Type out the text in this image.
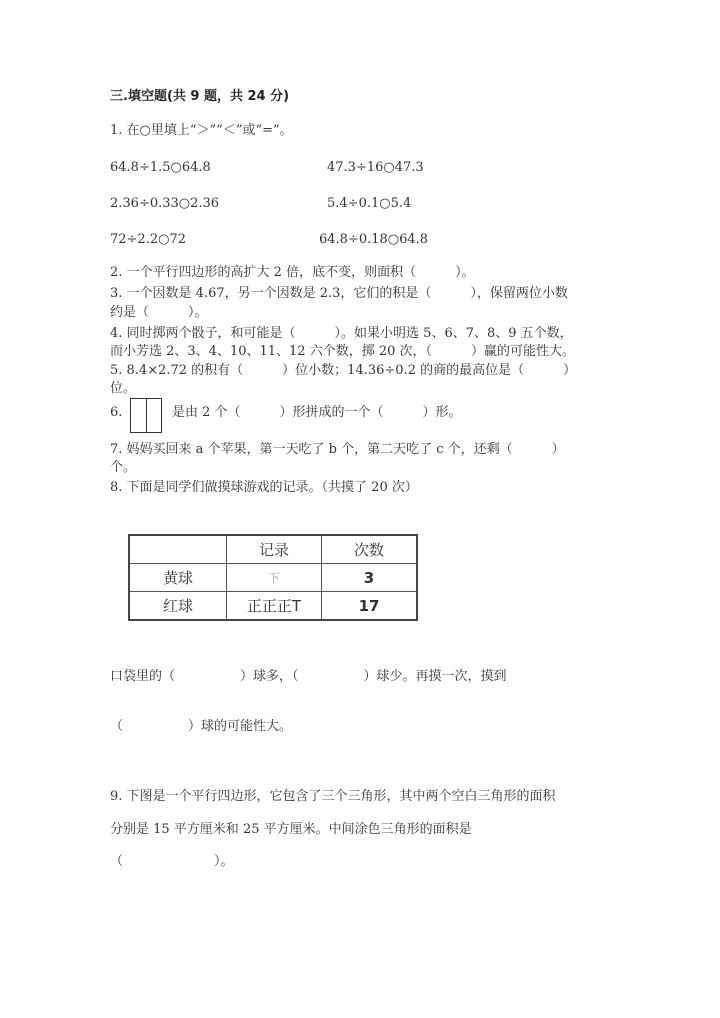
三.填空题(共 9 题，共 24 分)
1. 在○里填上“＞”“＜”或“=”。
64.8÷1.5○64.8	47.3÷16○47.3
2.36÷0.33○2.36	5.4÷0.1○5.4
72÷2.2○72	64.8÷0.18○64.8
2. 一个平行四边形的高扩大 2 倍，底不变，则面积（　　　）。
3. 一个因数是 4.67，另一个因数是 2.3，它们的积是（　　　），保留两位小数
约是（　　　）。
4. 同时掷两个骰子，和可能是（　　　）。如果小明选 5、6、7、8、9 五个数，
而小芳选 2、3、4、10、11、12 六个数，掷 20 次，（　　　）赢的可能性大。
5. 8.4×2.72 的积有（　　　）位小数；14.36÷0.2 的商的最高位是（　　　）
位。
6.	是由 2 个（　　　）形拼成的一个（　　　）形。
7. 妈妈买回来 a 个苹果，第一天吃了 b 个，第二天吃了 c 个，还剩（　　　）
个。
8. 下面是同学们做摸球游戏的记录。（共摸了 20 次）
	记录	次数
黄球	下	3
红球	正正正T	17
口袋里的（　　　　　）球多，（　　　　　）球少。再摸一次，摸到
（　　　　　）球的可能性大。
9. 下图是一个平行四边形，它包含了三个三角形，其中两个空白三角形的面积
分别是 15 平方厘米和 25 平方厘米。中间涂色三角形的面积是
（　　　　　　　）。
